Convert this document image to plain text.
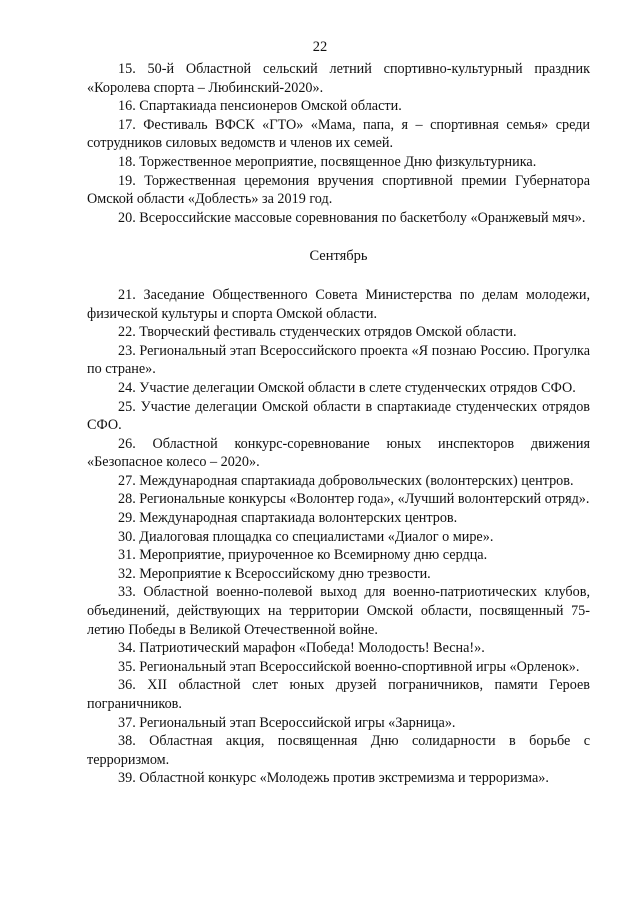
22

15. 50-й Областной сельский летний спортивно-культурный праздник «Королева спорта – Любинский-2020».

16. Спартакиада пенсионеров Омской области.

17. Фестиваль ВФСК «ГТО» «Мама, папа, я – спортивная семья» среди сотрудников силовых ведомств и членов их семей.

18. Торжественное мероприятие, посвященное Дню физкультурника.

19. Торжественная церемония вручения спортивной премии Губернатора Омской области «Доблесть» за 2019 год.

20. Всероссийские массовые соревнования по баскетболу «Оранжевый мяч».

Сентябрь

21. Заседание Общественного Совета Министерства по делам молодежи, физической культуры и спорта Омской области.

22. Творческий фестиваль студенческих отрядов Омской области.

23. Региональный этап Всероссийского проекта «Я познаю Россию. Прогулка по стране».

24. Участие делегации Омской области в слете студенческих отрядов СФО.

25. Участие делегации Омской области в спартакиаде студенческих отрядов СФО.

26. Областной конкурс-соревнование юных инспекторов движения «Безопасное колесо – 2020».

27. Международная спартакиада добровольческих (волонтерских) центров.

28. Региональные конкурсы «Волонтер года», «Лучший волонтерский отряд».

29. Международная спартакиада волонтерских центров.

30. Диалоговая площадка со специалистами «Диалог о мире».

31. Мероприятие, приуроченное ко Всемирному дню сердца.

32. Мероприятие к Всероссийскому дню трезвости.

33. Областной военно-полевой выход для военно-патриотических клубов, объединений, действующих на территории Омской области, посвященный 75-летию Победы в Великой Отечественной войне.

34. Патриотический марафон «Победа! Молодость! Весна!».

35. Региональный этап Всероссийской военно-спортивной игры «Орленок».

36. XII областной слет юных друзей пограничников, памяти Героев пограничников.

37. Региональный этап Всероссийской игры «Зарница».

38. Областная акция, посвященная Дню солидарности в борьбе с терроризмом.

39. Областной конкурс «Молодежь против экстремизма и терроризма».
